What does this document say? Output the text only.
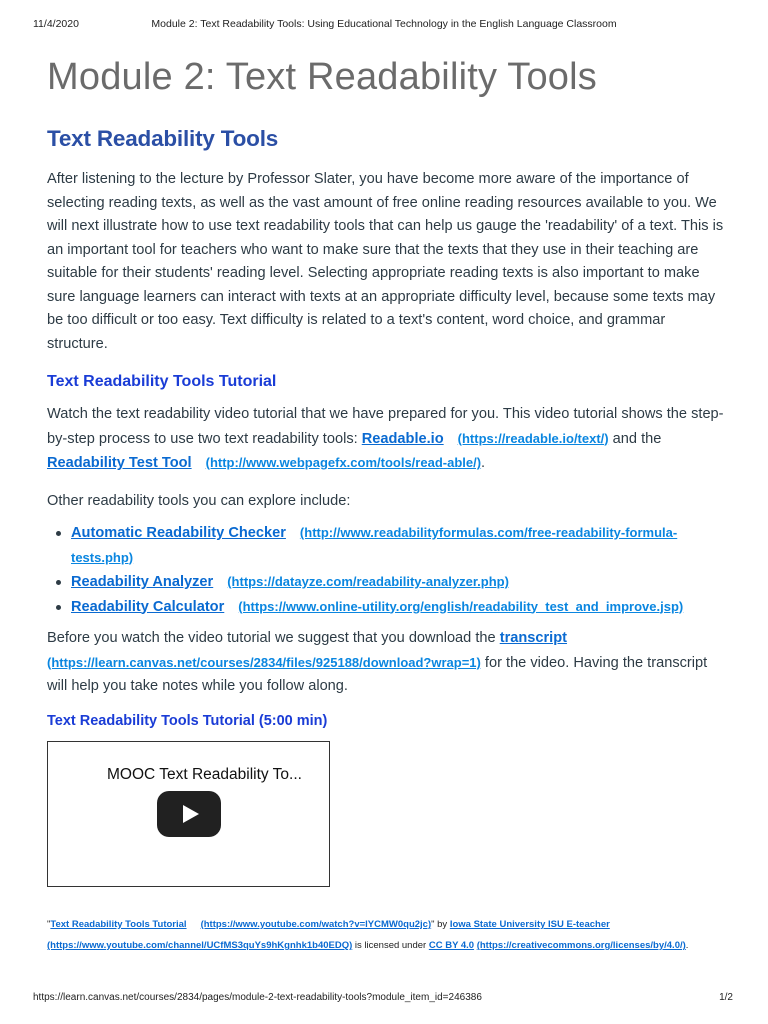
11/4/2020	Module 2: Text Readability Tools: Using Educational Technology in the English Language Classroom
Module 2: Text Readability Tools
Text Readability Tools

After listening to the lecture by Professor Slater, you have become more aware of the importance of selecting reading texts, as well as the vast amount of free online reading resources available to you. We will next illustrate how to use text readability tools that can help us gauge the 'readability' of a text. This is an important tool for teachers who want to make sure that the texts that they use in their teaching are suitable for their students' reading level. Selecting appropriate reading texts is also important to make sure language learners can interact with texts at an appropriate difficulty level, because some texts may be too difficult or too easy. Text difficulty is related to a text's content, word choice, and grammar structure.

Text Readability Tools Tutorial

Watch the text readability video tutorial that we have prepared for you. This video tutorial shows the step-by-step process to use two text readability tools: Readable.io (https://readable.io/text/) and the Readability Test Tool (http://www.webpagefx.com/tools/read-able/).

Other readability tools you can explore include:

Automatic Readability Checker (http://www.readabilityformulas.com/free-readability-formula-tests.php)
Readability Analyzer (https://datayze.com/readability-analyzer.php)
Readability Calculator (https://www.online-utility.org/english/readability_test_and_improve.jsp)

Before you watch the video tutorial we suggest that you download the transcript
(https://learn.canvas.net/courses/2834/files/925188/download?wrap=1) for the video. Having the transcript will help you take notes while you follow along.

Text Readability Tools Tutorial (5:00 min)
MOOC Text Readability To...
"Text Readability Tools Tutorial (https://www.youtube.com/watch?v=lYCMW0qu2jc)" by Iowa State University ISU E-teacher
(https://www.youtube.com/channel/UCfMS3quYs9hKgnhk1b40EDQ) is licensed under CC BY 4.0 (https://creativecommons.org/licenses/by/4.0/).
https://learn.canvas.net/courses/2834/pages/module-2-text-readability-tools?module_item_id=246386	1/2
